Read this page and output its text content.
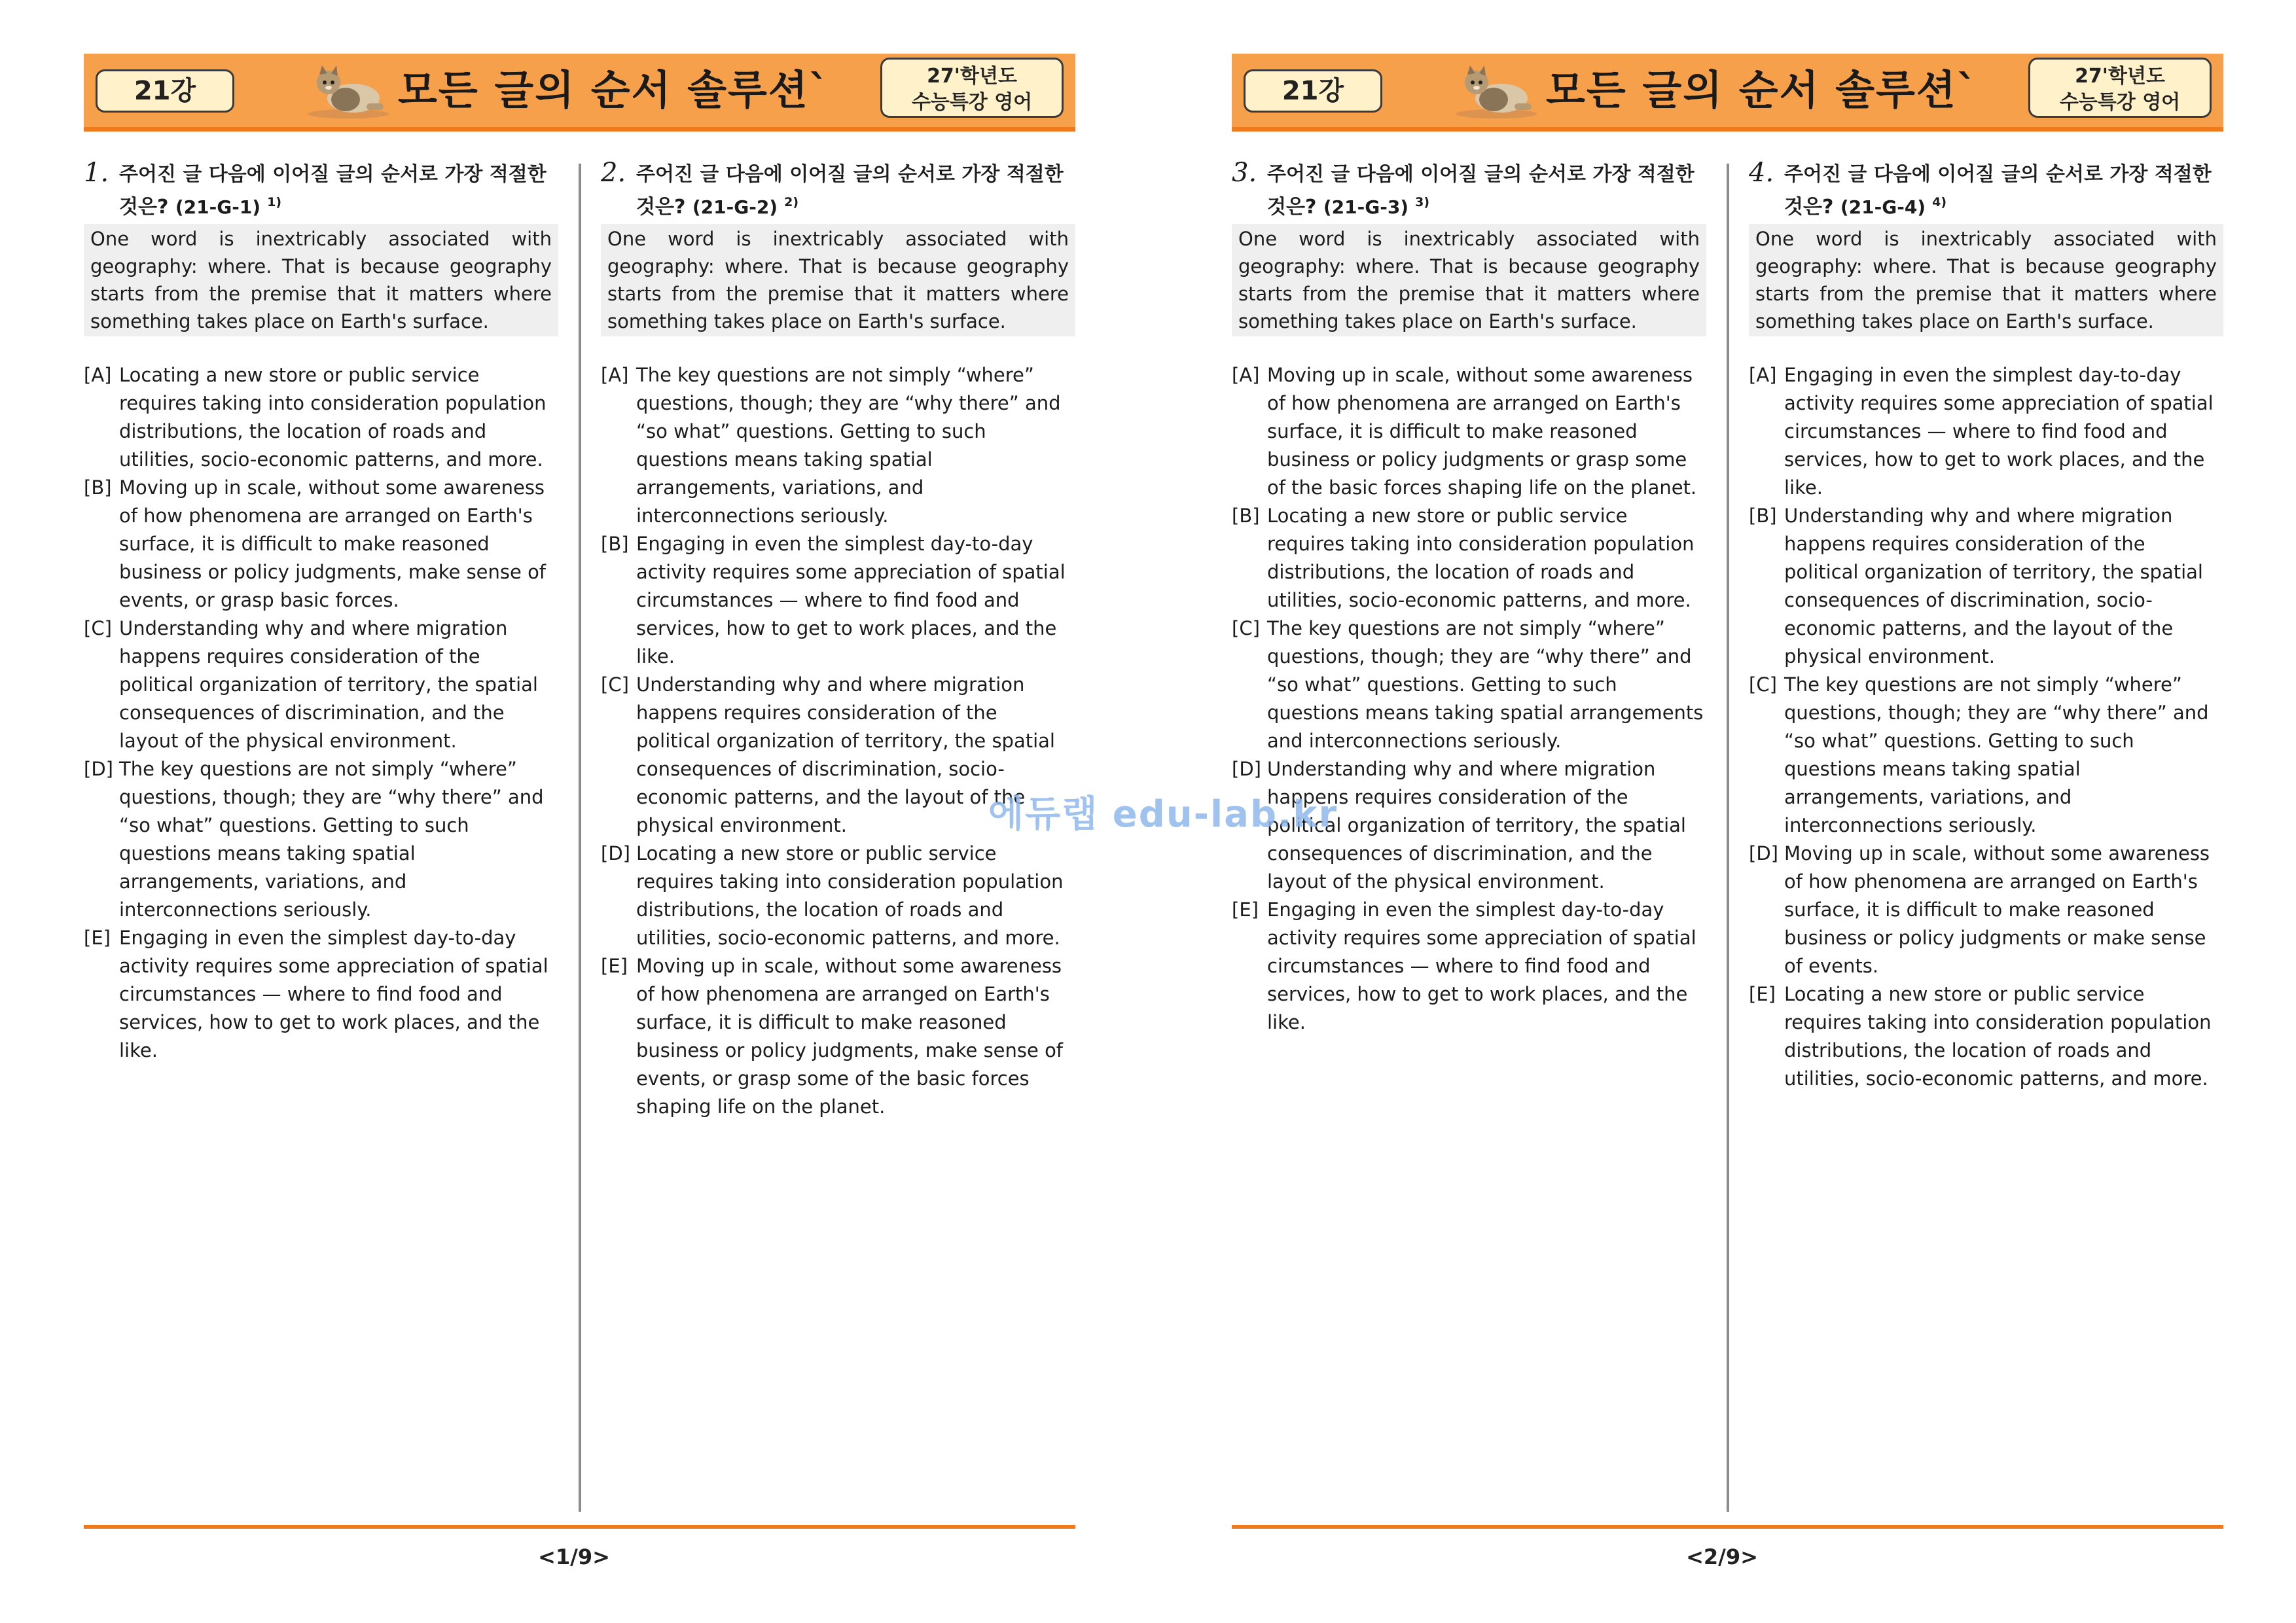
21강	모든 글의 순서 솔루션`	27'학년도
수능특강 영어
1. 주어진 글 다음에 이어질 글의 순서로 가장 적절한 것은? (21-G-1) $^{1)}$
One word is inextricably associated with geography: where. That is because geography starts from the premise that it matters where something takes place on Earth's surface.
[A] Locating a new store or public service requires taking into consideration population distributions, the location of roads and utilities, socio-economic patterns, and more.
[B] Moving up in scale, without some awareness of how phenomena are arranged on Earth's surface, it is difficult to make reasoned business or policy judgments, make sense of events, or grasp basic forces.
[C] Understanding why and where migration happens requires consideration of the political organization of territory, the spatial consequences of discrimination, and the layout of the physical environment.
[D] The key questions are not simply “where” questions, though; they are “why there” and “so what” questions. Getting to such questions means taking spatial arrangements, variations, and interconnections seriously.
[E] Engaging in even the simplest day-to-day activity requires some appreciation of spatial circumstances — where to find food and services, how to get to work places, and the like.
2. 주어진 글 다음에 이어질 글의 순서로 가장 적절한 것은? (21-G-2) $^{2)}$
One word is inextricably associated with geography: where. That is because geography starts from the premise that it matters where something takes place on Earth's surface.
[A] The key questions are not simply “where” questions, though; they are “why there” and “so what” questions. Getting to such questions means taking spatial arrangements, variations, and interconnections seriously.
[B] Engaging in even the simplest day-to-day activity requires some appreciation of spatial circumstances — where to find food and services, how to get to work places, and the like.
[C] Understanding why and where migration happens requires consideration of the political organization of territory, the spatial consequences of discrimination, socio-economic patterns, and the layout of the physical environment.
[D] Locating a new store or public service requires taking into consideration population distributions, the location of roads and utilities, socio-economic patterns, and more.
[E] Moving up in scale, without some awareness of how phenomena are arranged on Earth's surface, it is difficult to make reasoned business or policy judgments, make sense of events, or grasp some of the basic forces shaping life on the planet.
<1/9>
21강	모든 글의 순서 솔루션`	27'학년도
수능특강 영어
3. 주어진 글 다음에 이어질 글의 순서로 가장 적절한 것은? (21-G-3) $^{3)}$
One word is inextricably associated with geography: where. That is because geography starts from the premise that it matters where something takes place on Earth's surface.
[A] Moving up in scale, without some awareness of how phenomena are arranged on Earth's surface, it is difficult to make reasoned business or policy judgments or grasp some of the basic forces shaping life on the planet.
[B] Locating a new store or public service requires taking into consideration population distributions, the location of roads and utilities, socio-economic patterns, and more.
[C] The key questions are not simply “where” questions, though; they are “why there” and “so what” questions. Getting to such questions means taking spatial arrangements and interconnections seriously.
[D] Understanding why and where migration happens requires consideration of the political organization of territory, the spatial consequences of discrimination, and the layout of the physical environment.
[E] Engaging in even the simplest day-to-day activity requires some appreciation of spatial circumstances — where to find food and services, how to get to work places, and the like.
4. 주어진 글 다음에 이어질 글의 순서로 가장 적절한 것은? (21-G-4) $^{4)}$
One word is inextricably associated with geography: where. That is because geography starts from the premise that it matters where something takes place on Earth's surface.
[A] Engaging in even the simplest day-to-day activity requires some appreciation of spatial circumstances — where to find food and services, how to get to work places, and the like.
[B] Understanding why and where migration happens requires consideration of the political organization of territory, the spatial consequences of discrimination, socio-economic patterns, and the layout of the physical environment.
[C] The key questions are not simply “where” questions, though; they are “why there” and “so what” questions. Getting to such questions means taking spatial arrangements, variations, and interconnections seriously.
[D] Moving up in scale, without some awareness of how phenomena are arranged on Earth's surface, it is difficult to make reasoned business or policy judgments or make sense of events.
[E] Locating a new store or public service requires taking into consideration population distributions, the location of roads and utilities, socio-economic patterns, and more.
<2/9>
에듀랩 edu-lab.kr
